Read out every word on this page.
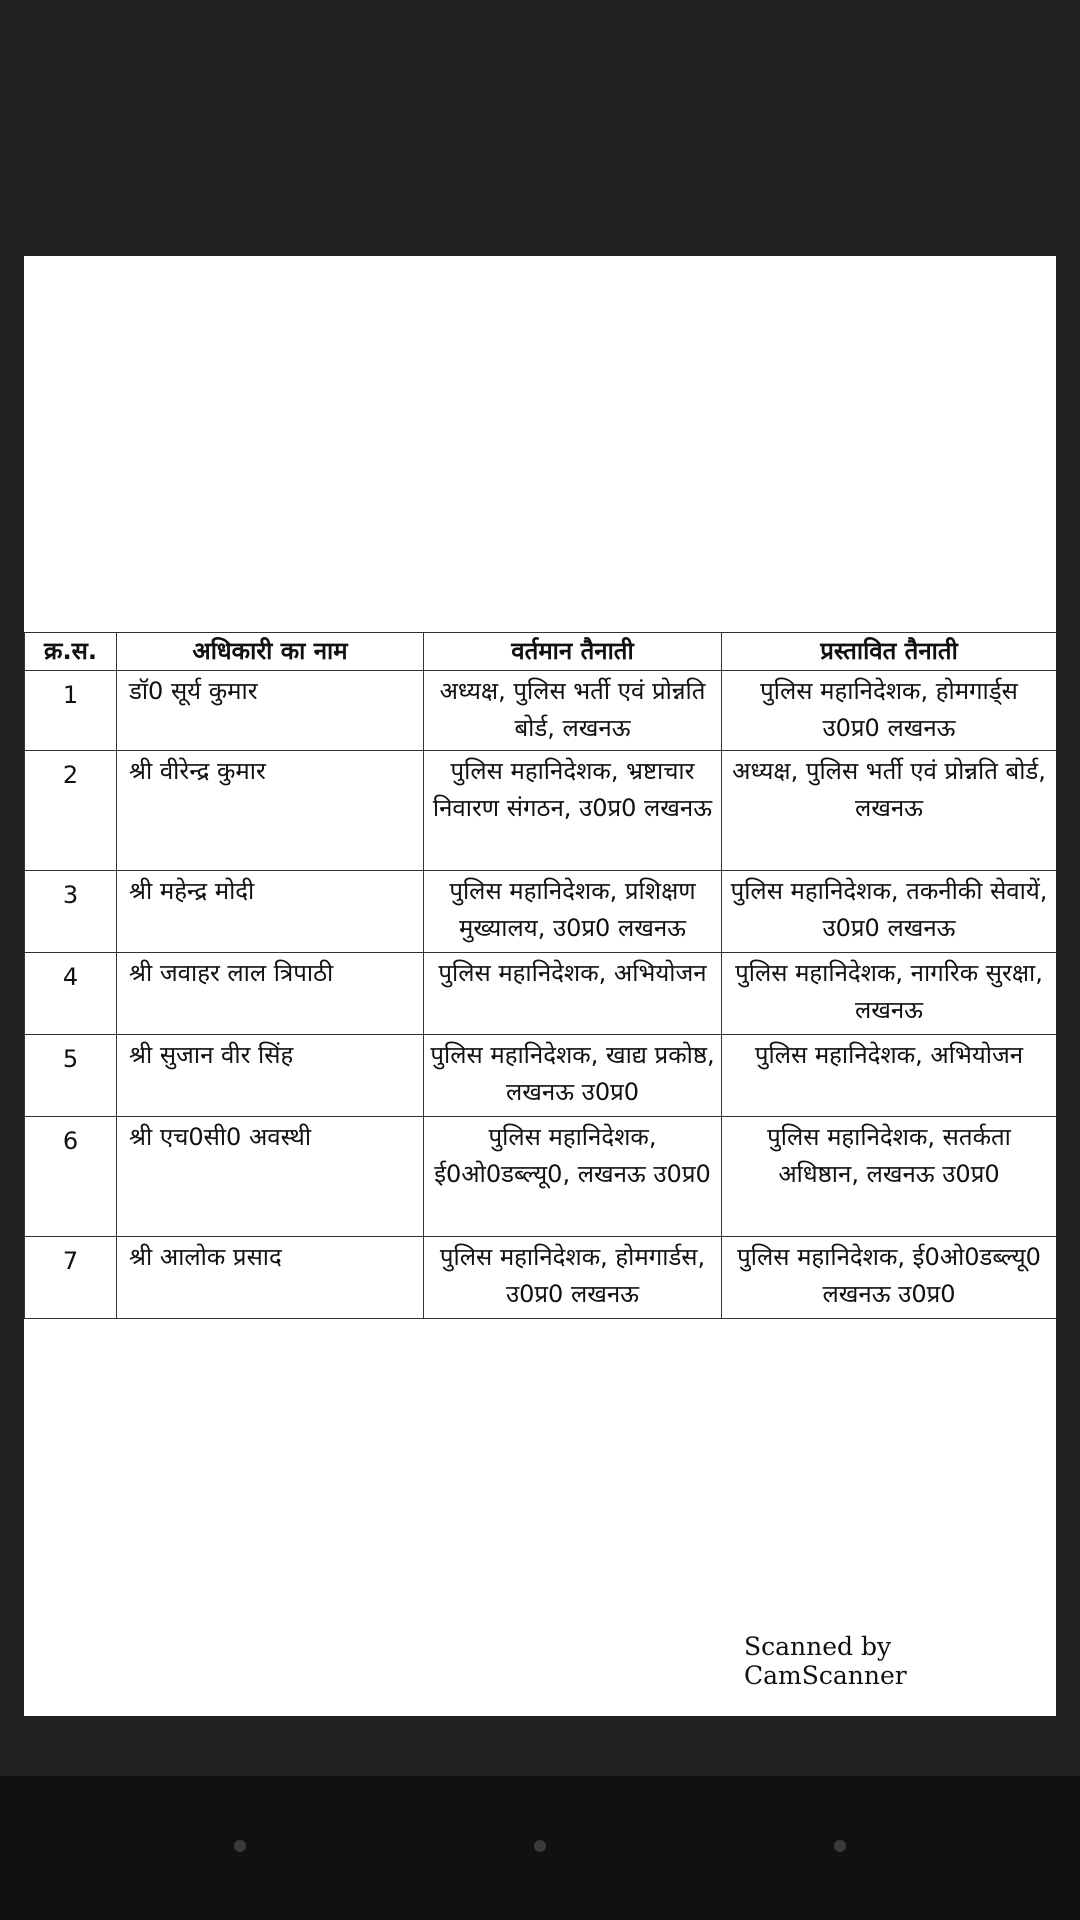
क्र.स.	अधिकारी का नाम	वर्तमान तैनाती	प्रस्तावित तैनाती
1	डॉ0 सूर्य कुमार	अध्यक्ष, पुलिस भर्ती एवं प्रोन्नति बोर्ड, लखनऊ	पुलिस महानिदेशक, होमगार्ड्स उ0प्र0 लखनऊ
2	श्री वीरेन्द्र कुमार	पुलिस महानिदेशक, भ्रष्टाचार निवारण संगठन, उ0प्र0 लखनऊ	अध्यक्ष, पुलिस भर्ती एवं प्रोन्नति बोर्ड, लखनऊ
3	श्री महेन्द्र मोदी	पुलिस महानिदेशक, प्रशिक्षण मुख्यालय, उ0प्र0 लखनऊ	पुलिस महानिदेशक, तकनीकी सेवायें, उ0प्र0 लखनऊ
4	श्री जवाहर लाल त्रिपाठी	पुलिस महानिदेशक, अभियोजन	पुलिस महानिदेशक, नागरिक सुरक्षा, लखनऊ
5	श्री सुजान वीर सिंह	पुलिस महानिदेशक, खाद्य प्रकोष्ठ, लखनऊ उ0प्र0	पुलिस महानिदेशक, अभियोजन
6	श्री एच0सी0 अवस्थी	पुलिस महानिदेशक, ई0ओ0डब्ल्यू0, लखनऊ उ0प्र0	पुलिस महानिदेशक, सतर्कता अधिष्ठान, लखनऊ उ0प्र0
7	श्री आलोक प्रसाद	पुलिस महानिदेशक, होमगार्डस, उ0प्र0 लखनऊ	पुलिस महानिदेशक, ई0ओ0डब्ल्यू0 लखनऊ उ0प्र0
Scanned by CamScanner
